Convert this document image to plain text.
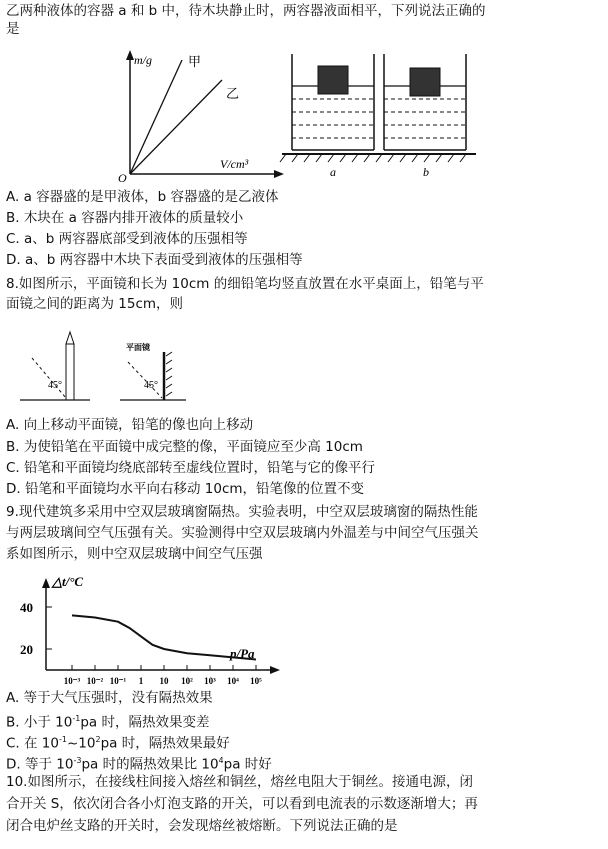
乙两种液体的容器 a 和 b 中，待木块静止时，两容器液面相平，下列说法正确的
是
m/g	甲
乙
V/cm³
O	a	b
A. a 容器盛的是甲液体，b 容器盛的是乙液体
B. 木块在 a 容器内排开液体的质量较小
C. a、b 两容器底部受到液体的压强相等
D. a、b 两容器中木块下表面受到液体的压强相等
8.如图所示，平面镜和长为 10cm 的细铅笔均竖直放置在水平桌面上，铅笔与平
面镜之间的距离为 15cm，则
45°
平面镜
45°
A. 向上移动平面镜，铅笔的像也向上移动
B. 为使铅笔在平面镜中成完整的像，平面镜应至少高 10cm
C. 铅笔和平面镜均绕底部转至虚线位置时，铅笔与它的像平行
D. 铅笔和平面镜均水平向右移动 10cm，铅笔像的位置不变
9.现代建筑多采用中空双层玻璃窗隔热。实验表明，中空双层玻璃窗的隔热性能
与两层玻璃间空气压强有关。实验测得中空双层玻璃内外温差与中间空气压强关
系如图所示，则中空双层玻璃中间空气压强
△t/°C
p/Pa
20
40
10⁻³ 10⁻² 10⁻¹ 1 10 10² 10³ 10⁴ 10⁵
A. 等于大气压强时，没有隔热效果
B. 小于 $10^{-1}pa$ 时，隔热效果变差
C. 在 $10^{-1}\sim 10^2pa$ 时，隔热效果最好
D. 等于 $10^{-3}pa$ 时的隔热效果比 $10^4pa$ 时好
10.如图所示，在接线柱间接入熔丝和铜丝，熔丝电阻大于铜丝。接通电源，闭
合开关 S，依次闭合各小灯泡支路的开关，可以看到电流表的示数逐渐增大；再
闭合电炉丝支路的开关时，会发现熔丝被熔断。下列说法正确的是
